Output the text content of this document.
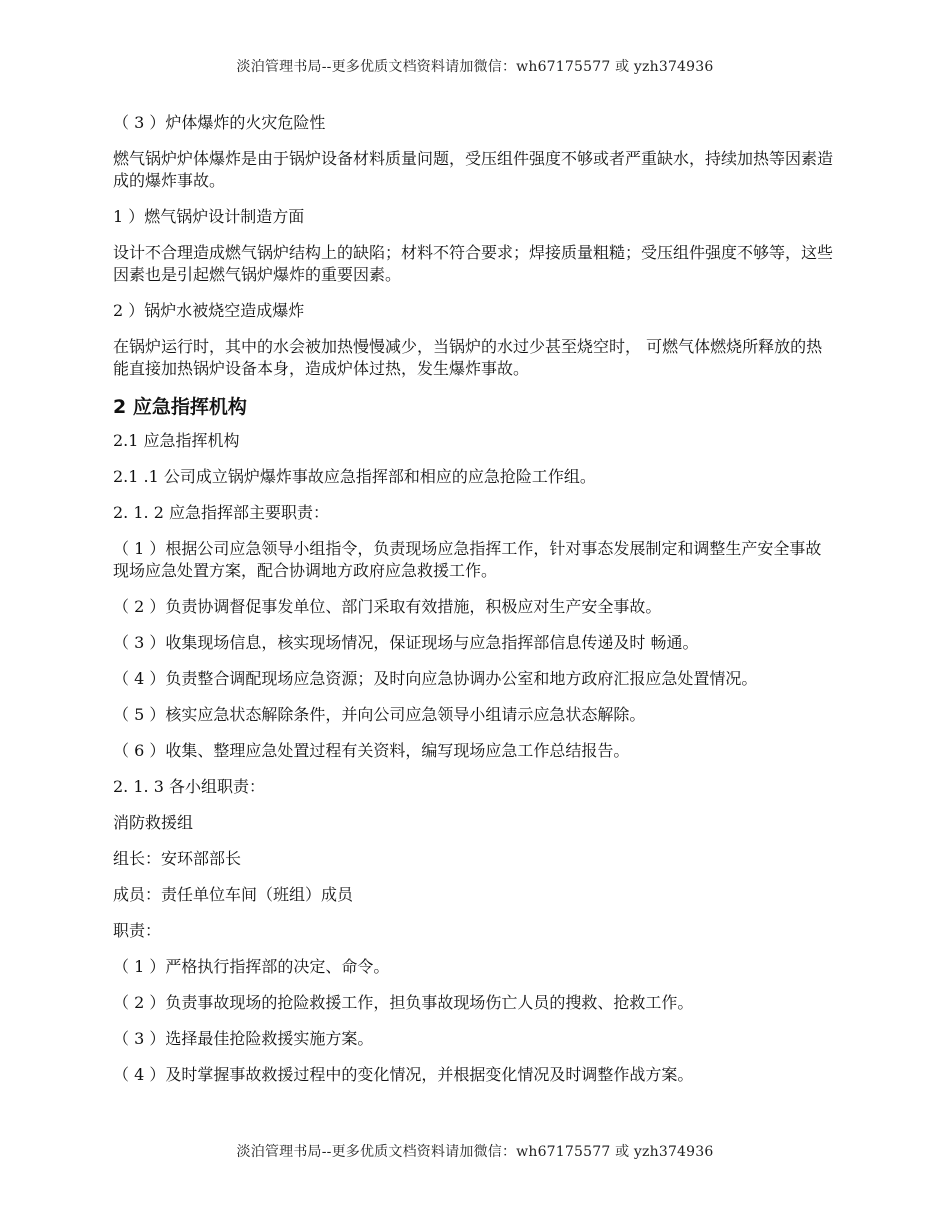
淡泊管理书局--更多优质文档资料请加微信：wh67175577 或 yzh374936

（ 3 ）炉体爆炸的火灾危险性

燃气锅炉炉体爆炸是由于锅炉设备材料质量问题，受压组件强度不够或者严重缺水，持续加热等因素造成的爆炸事故。

1 ）燃气锅炉设计制造方面

设计不合理造成燃气锅炉结构上的缺陷；材料不符合要求；焊接质量粗糙；受压组件强度不够等，这些因素也是引起燃气锅炉爆炸的重要因素。

2 ）锅炉水被烧空造成爆炸

在锅炉运行时，其中的水会被加热慢慢减少，当锅炉的水过少甚至烧空时， 可燃气体燃烧所释放的热能直接加热锅炉设备本身，造成炉体过热，发生爆炸事故。

2 应急指挥机构

2.1 应急指挥机构

2.1 .1 公司成立锅炉爆炸事故应急指挥部和相应的应急抢险工作组。

2. 1. 2 应急指挥部主要职责：

（ 1 ）根据公司应急领导小组指令，负责现场应急指挥工作，针对事态发展制定和调整生产安全事故现场应急处置方案，配合协调地方政府应急救援工作。

（ 2 ）负责协调督促事发单位、部门采取有效措施，积极应对生产安全事故。

（ 3 ）收集现场信息，核实现场情况，保证现场与应急指挥部信息传递及时 畅通。

（ 4 ）负责整合调配现场应急资源；及时向应急协调办公室和地方政府汇报应急处置情况。

（ 5 ）核实应急状态解除条件，并向公司应急领导小组请示应急状态解除。

（ 6 ）收集、整理应急处置过程有关资料，编写现场应急工作总结报告。

2. 1. 3 各小组职责：

消防救援组

组长：安环部部长

成员：责任单位车间（班组）成员

职责：

（ 1 ）严格执行指挥部的决定、命令。

（ 2 ）负责事故现场的抢险救援工作，担负事故现场伤亡人员的搜救、抢救工作。

（ 3 ）选择最佳抢险救援实施方案。

（ 4 ）及时掌握事故救援过程中的变化情况，并根据变化情况及时调整作战方案。

淡泊管理书局--更多优质文档资料请加微信：wh67175577 或 yzh374936
